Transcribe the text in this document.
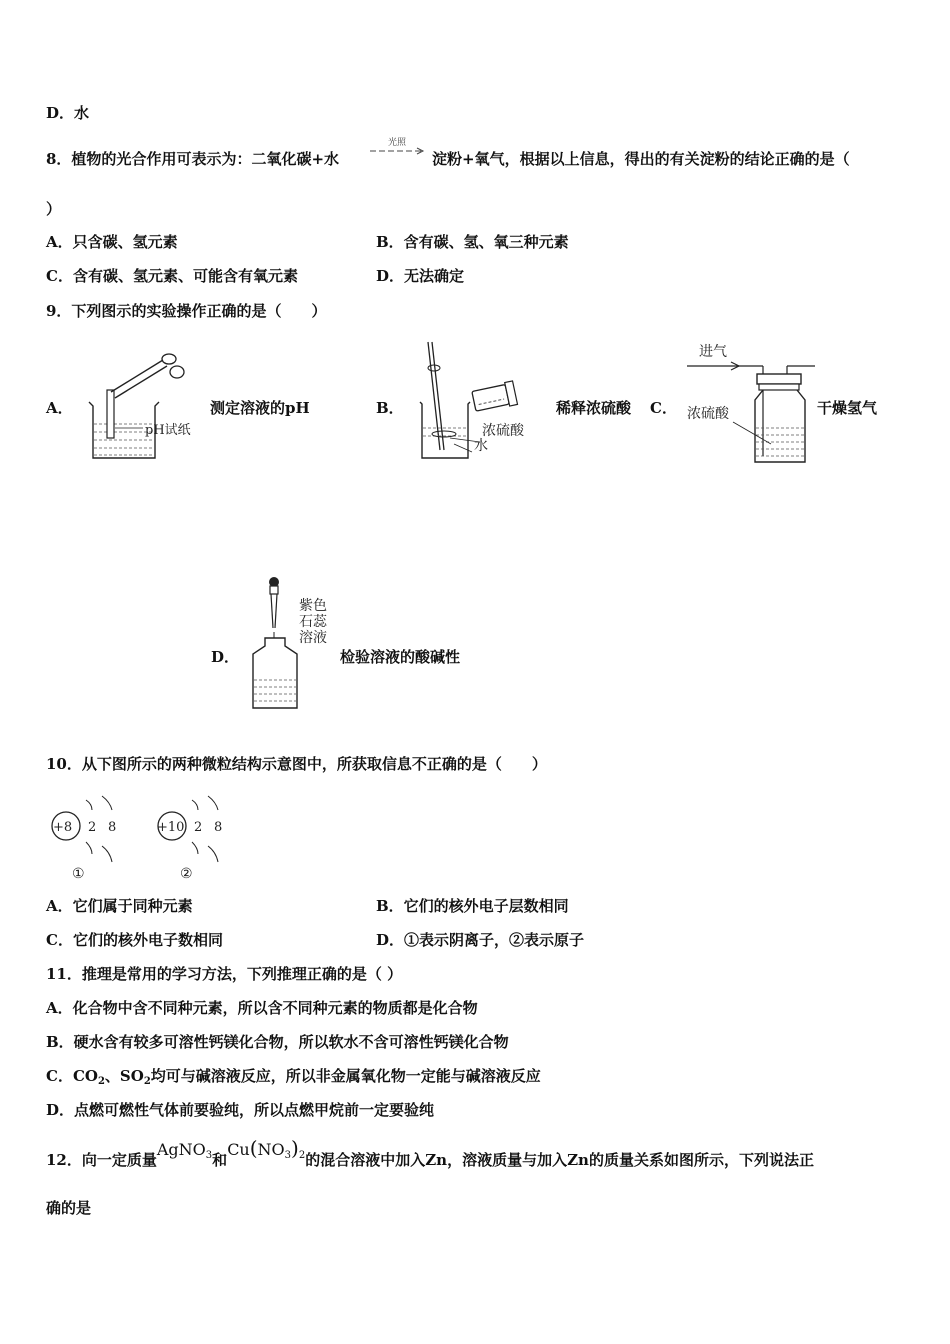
D．水
8．植物的光合作用可表示为：二氧化碳+水
光照
淀粉+氧气，根据以上信息，得出的有关淀粉的结论正确的是（
）
A．只含碳、氢元素	B．含有碳、氢、氧三种元素
C．含有碳、氢元素、可能含有氧元素	D．无法确定
9．下列图示的实验操作正确的是（　　）
A．
pH试纸
测定溶液的pH	B．
浓硫酸
水
稀释浓硫酸 C．
进气
浓硫酸	干燥氢气
D．
紫色
石蕊
溶液
检验溶液的酸碱性
10．从下图所示的两种微粒结构示意图中，所获取信息不正确的是（　　）
+8 2 8
①
+10 2 8
②
A．它们属于同种元素	B．它们的核外电子层数相同
C．它们的核外电子数相同	D．①表示阴离子，②表示原子
11．推理是常用的学习方法，下列推理正确的是（ ）
A．化合物中含不同种元素，所以含不同种元素的物质都是化合物
B．硬水含有较多可溶性钙镁化合物，所以软水不含可溶性钙镁化合物
C．$CO_2$、$SO_2$均可与碱溶液反应，所以非金属氧化物一定能与碱溶液反应
D．点燃可燃性气体前要验纯，所以点燃甲烷前一定要验纯
12．向一定质量AgNO$_3$和$Cu(NO_3)_2$的混合溶液中加入Zn，溶液质量与加入Zn的质量关系如图所示，下列说法正
确的是
